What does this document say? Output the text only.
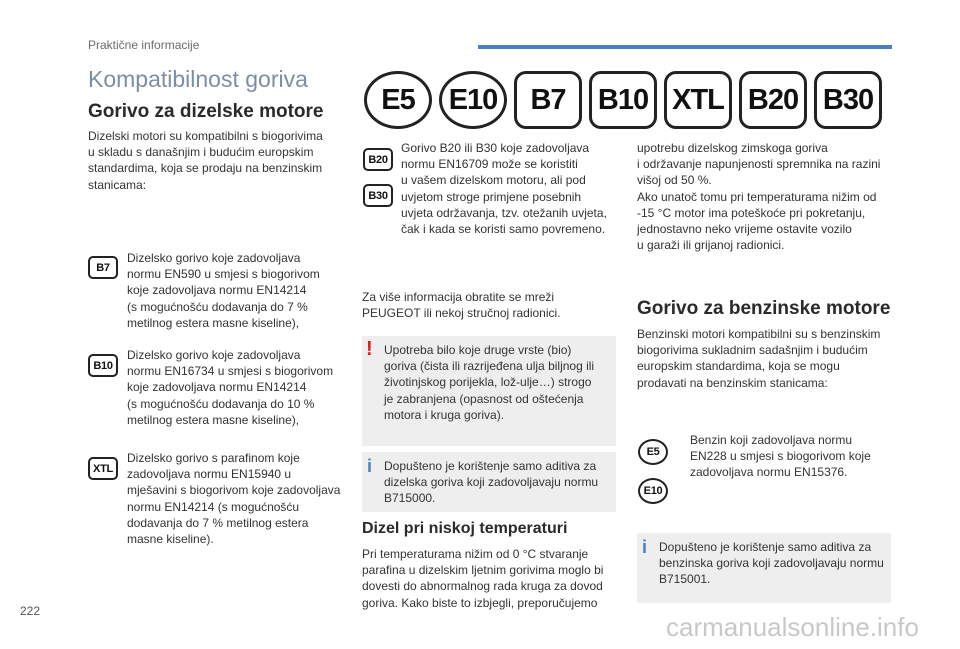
Praktične informacije
Kompatibilnost goriva
Gorivo za dizelske motore
Dizelski motori su kompatibilni s biogorivima
u skladu s današnjim i budućim europskim
standardima, koja se prodaju na benzinskim
stanicama:
B7
Dizelsko gorivo koje zadovoljava
normu EN590 u smjesi s biogorivom
koje zadovoljava normu EN14214
(s mogućnošću dodavanja do 7 %
metilnog estera masne kiseline),
B10
Dizelsko gorivo koje zadovoljava
normu EN16734 u smjesi s biogorivom
koje zadovoljava normu EN14214
(s mogućnošću dodavanja do 10 %
metilnog estera masne kiseline),
XTL
Dizelsko gorivo s parafinom koje
zadovoljava normu EN15940 u
mješavini s biogorivom koje zadovoljava
normu EN14214 (s mogućnošću
dodavanja do 7 % metilnog estera
masne kiseline).
E5	E10	B7	B10 XTL B20 B30
B20
B30
Gorivo B20 ili B30 koje zadovoljava
normu EN16709 može se koristiti
u vašem dizelskom motoru, ali pod
uvjetom stroge primjene posebnih
uvjeta održavanja, tzv. otežanih uvjeta,
čak i kada se koristi samo povremeno.
Za više informacija obratite se mreži
PEUGEOT ili nekoj stručnoj radionici.
! Upotreba bilo koje druge vrste (bio)
goriva (čista ili razrijeđena ulja biljnog ili
životinjskog porijekla, lož-ulje…) strogo
je zabranjena (opasnost od oštećenja
motora i kruga goriva).
i Dopušteno je korištenje samo aditiva za
dizelska goriva koji zadovoljavaju normu
B715000.
Dizel pri niskoj temperaturi
Pri temperaturama nižim od 0 °C stvaranje
parafina u dizelskim ljetnim gorivima moglo bi
dovesti do abnormalnog rada kruga za dovod
goriva. Kako biste to izbjegli, preporučujemo
upotrebu dizelskog zimskoga goriva
i održavanje napunjenosti spremnika na razini
višoj od 50 %.
Ako unatoč tomu pri temperaturama nižim od
-15 °C motor ima poteškoće pri pokretanju,
jednostavno neko vrijeme ostavite vozilo
u garaži ili grijanoj radionici.
Gorivo za benzinske motore
Benzinski motori kompatibilni su s benzinskim
biogorivima sukladnim sadašnjim i budućim
europskim standardima, koja se mogu
prodavati na benzinskim stanicama:
E5
E10
Benzin koji zadovoljava normu
EN228 u smjesi s biogorivom koje
zadovoljava normu EN15376.
i Dopušteno je korištenje samo aditiva za
benzinska goriva koji zadovoljavaju normu
B715001.
222
carmanualsonline.info
